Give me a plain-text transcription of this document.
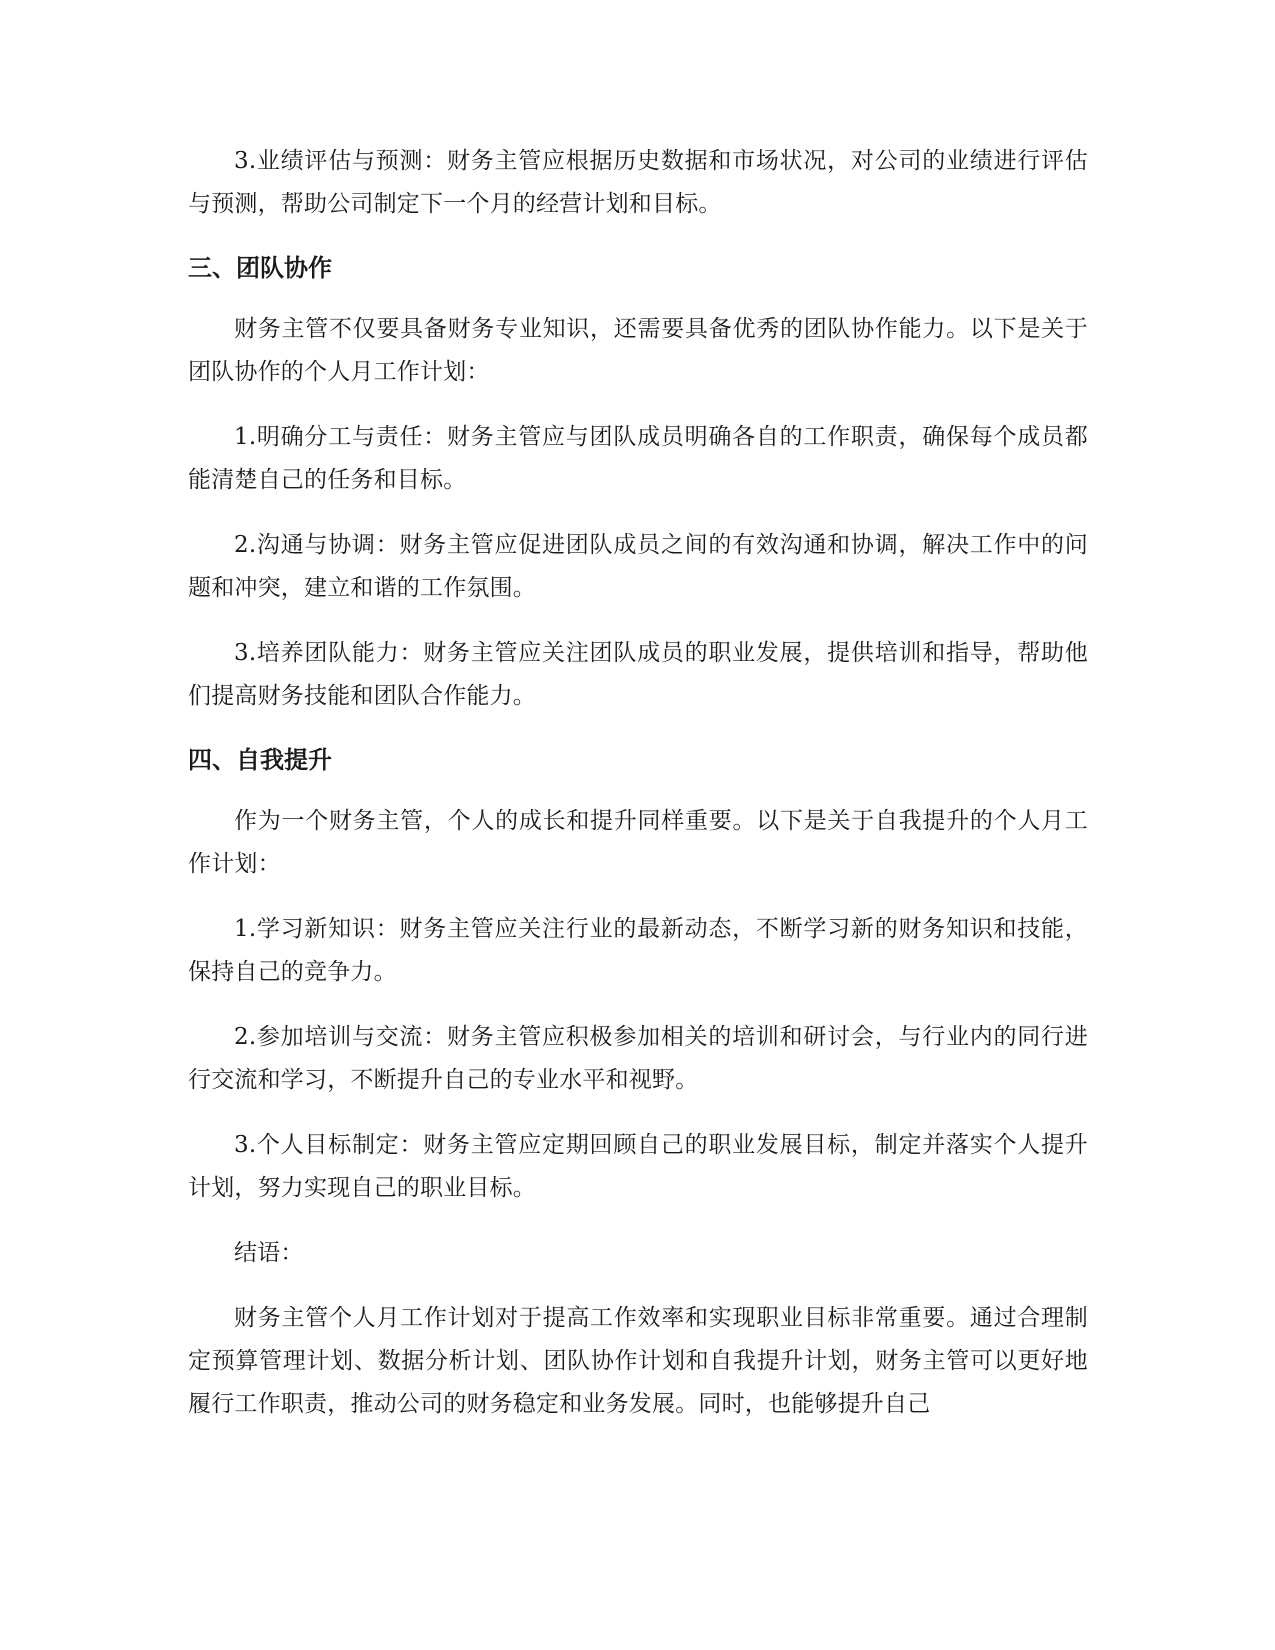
3.业绩评估与预测：财务主管应根据历史数据和市场状况，对公司的业绩进行评估与预测，帮助公司制定下一个月的经营计划和目标。

三、团队协作

财务主管不仅要具备财务专业知识，还需要具备优秀的团队协作能力。以下是关于团队协作的个人月工作计划：

1.明确分工与责任：财务主管应与团队成员明确各自的工作职责，确保每个成员都能清楚自己的任务和目标。

2.沟通与协调：财务主管应促进团队成员之间的有效沟通和协调，解决工作中的问题和冲突，建立和谐的工作氛围。

3.培养团队能力：财务主管应关注团队成员的职业发展，提供培训和指导，帮助他们提高财务技能和团队合作能力。

四、自我提升

作为一个财务主管，个人的成长和提升同样重要。以下是关于自我提升的个人月工作计划：

1.学习新知识：财务主管应关注行业的最新动态，不断学习新的财务知识和技能，保持自己的竞争力。

2.参加培训与交流：财务主管应积极参加相关的培训和研讨会，与行业内的同行进行交流和学习，不断提升自己的专业水平和视野。

3.个人目标制定：财务主管应定期回顾自己的职业发展目标，制定并落实个人提升计划，努力实现自己的职业目标。

结语：

财务主管个人月工作计划对于提高工作效率和实现职业目标非常重要。通过合理制定预算管理计划、数据分析计划、团队协作计划和自我提升计划，财务主管可以更好地履行工作职责，推动公司的财务稳定和业务发展。同时，也能够提升自己
